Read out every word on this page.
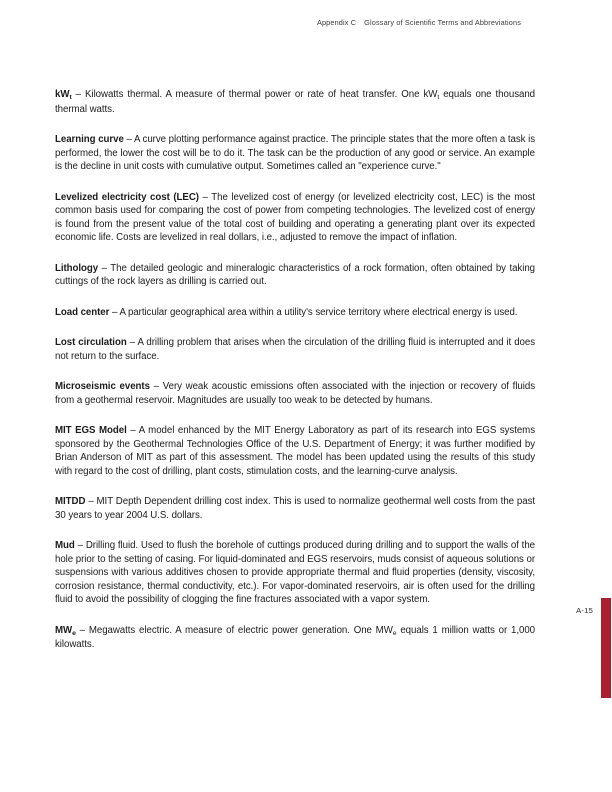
Appendix C Glossary of Scientific Terms and Abbreviations

$kW_t$ – Kilowatts thermal. A measure of thermal power or rate of heat transfer. One $kW_t$ equals one thousand thermal watts.

Learning curve – A curve plotting performance against practice. The principle states that the more often a task is performed, the lower the cost will be to do it. The task can be the production of any good or service. An example is the decline in unit costs with cumulative output. Sometimes called an "experience curve."

Levelized electricity cost (LEC) – The levelized cost of energy (or levelized electricity cost, LEC) is the most common basis used for comparing the cost of power from competing technologies. The levelized cost of energy is found from the present value of the total cost of building and operating a generating plant over its expected economic life. Costs are levelized in real dollars, i.e., adjusted to remove the impact of inflation.

Lithology – The detailed geologic and mineralogic characteristics of a rock formation, often obtained by taking cuttings of the rock layers as drilling is carried out.

Load center – A particular geographical area within a utility's service territory where electrical energy is used.

Lost circulation – A drilling problem that arises when the circulation of the drilling fluid is interrupted and it does not return to the surface.

Microseismic events – Very weak acoustic emissions often associated with the injection or recovery of fluids from a geothermal reservoir. Magnitudes are usually too weak to be detected by humans.

MIT EGS Model – A model enhanced by the MIT Energy Laboratory as part of its research into EGS systems sponsored by the Geothermal Technologies Office of the U.S. Department of Energy; it was further modified by Brian Anderson of MIT as part of this assessment. The model has been updated using the results of this study with regard to the cost of drilling, plant costs, stimulation costs, and the learning-curve analysis.

MITDD – MIT Depth Dependent drilling cost index. This is used to normalize geothermal well costs from the past 30 years to year 2004 U.S. dollars.

Mud – Drilling fluid. Used to flush the borehole of cuttings produced during drilling and to support the walls of the hole prior to the setting of casing. For liquid-dominated and EGS reservoirs, muds consist of aqueous solutions or suspensions with various additives chosen to provide appropriate thermal and fluid properties (density, viscosity, corrosion resistance, thermal conductivity, etc.). For vapor-dominated reservoirs, air is often used for the drilling fluid to avoid the possibility of clogging the fine fractures associated with a vapor system.

$MW_e$ – Megawatts electric. A measure of electric power generation. One $MW_e$ equals 1 million watts or 1,000 kilowatts.

A-15
